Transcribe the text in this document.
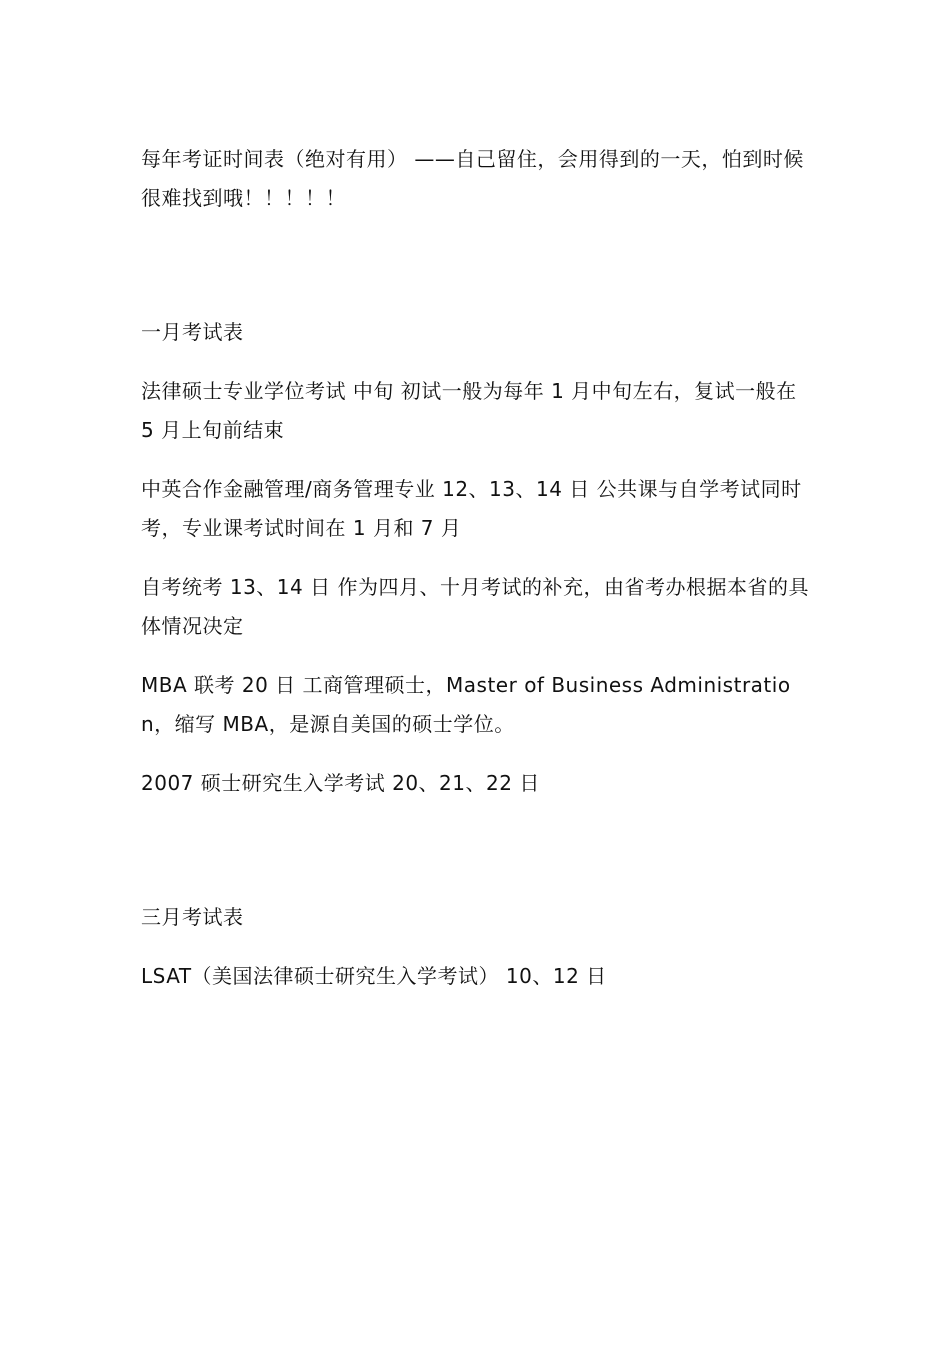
每年考证时间表（绝对有用） ——自己留住，会用得到的一天，怕到时候很难找到哦！！！！！

一月考试表

法律硕士专业学位考试 中旬 初试一般为每年 1 月中旬左右，复试一般在 5 月上旬前结束

中英合作金融管理/商务管理专业 12、13、14 日 公共课与自学考试同时考，专业课考试时间在 1 月和 7 月

自考统考 13、14 日 作为四月、十月考试的补充，由省考办根据本省的具体情况决定

MBA 联考 20 日 工商管理硕士，Master of Business Administration，缩写 MBA，是源自美国的硕士学位。

2007 硕士研究生入学考试 20、21、22 日

三月考试表

LSAT（美国法律硕士研究生入学考试） 10、12 日
